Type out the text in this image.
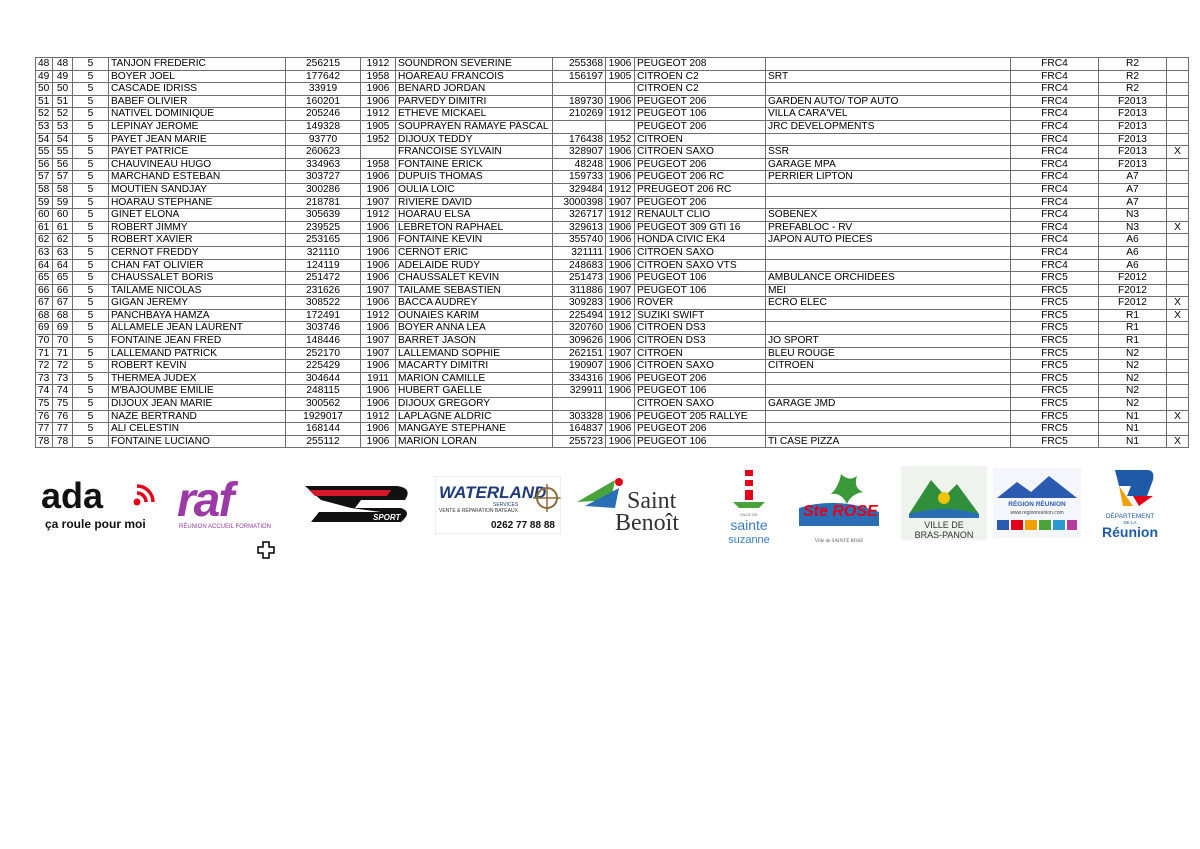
48	48	5	TANJON FREDERIC	256215	1912	SOUNDRON SEVERINE	255368	1906	PEUGEOT 208		FRC4	R2	
49	49	5	BOYER JOEL	177642	1958	HOAREAU FRANCOIS	156197	1905	CITROEN C2	SRT	FRC4	R2	
50	50	5	CASCADE IDRISS	33919	1906	BENARD JORDAN			CITROEN C2		FRC4	R2	
51	51	5	BABEF OLIVIER	160201	1906	PARVEDY DIMITRI	189730	1906	PEUGEOT 206	GARDEN AUTO/ TOP AUTO	FRC4	F2013	
52	52	5	NATIVEL DOMINIQUE	205246	1912	ETHEVE MICKAEL	210269	1912	PEUGEOT 106	VILLA CARA'VEL	FRC4	F2013	
53	53	5	LEPINAY JEROME	149328	1905	SOUPRAYEN RAMAYE PASCAL			PEUGEOT 206	JRC DEVELOPMENTS	FRC4	F2013	
54	54	5	PAYET JEAN MARIE	93770	1952	DIJOUX TEDDY	176438	1952	CITROEN		FRC4	F2013	
55	55	5	PAYET PATRICE	260623		FRANCOISE SYLVAIN	328907	1906	CITROEN SAXO	SSR	FRC4	F2013	X
56	56	5	CHAUVINEAU HUGO	334963	1958	FONTAINE ERICK	48248	1906	PEUGEOT 206	GARAGE MPA	FRC4	F2013	
57	57	5	MARCHAND ESTEBAN	303727	1906	DUPUIS THOMAS	159733	1906	PEUGEOT 206 RC	PERRIER LIPTON	FRC4	A7	
58	58	5	MOUTIEN SANDJAY	300286	1906	OULIA LOIC	329484	1912	PREUGEOT 206 RC		FRC4	A7	
59	59	5	HOARAU STEPHANE	218781	1907	RIVIERE DAVID	3000398	1907	PEUGEOT 206		FRC4	A7	
60	60	5	GINET ELONA	305639	1912	HOARAU ELSA	326717	1912	RENAULT CLIO	SOBENEX	FRC4	N3	
61	61	5	ROBERT JIMMY	239525	1906	LEBRETON RAPHAEL	329613	1906	PEUGEOT 309 GTI 16	PREFABLOC - RV	FRC4	N3	X
62	62	5	ROBERT XAVIER	253165	1906	FONTAINE KEVIN	355740	1906	HONDA CIVIC EK4	JAPON AUTO PIECES	FRC4	A6	
63	63	5	CERNOT FREDDY	321110	1906	CERNOT ERIC	321111	1906	CITROEN SAXO		FRC4	A6	
64	64	5	CHAN FAT OLIVIER	124119	1906	ADELAIDE RUDY	248683	1906	CITROEN SAXO VTS		FRC4	A6	
65	65	5	CHAUSSALET BORIS	251472	1906	CHAUSSALET KEVIN	251473	1906	PEUGEOT 106	AMBULANCE ORCHIDEES	FRC5	F2012	
66	66	5	TAILAME NICOLAS	231626	1907	TAILAME SEBASTIEN	311886	1907	PEUGEOT 106	MEI	FRC5	F2012	
67	67	5	GIGAN JEREMY	308522	1906	BACCA AUDREY	309283	1906	ROVER	ECRO ELEC	FRC5	F2012	X
68	68	5	PANCHBAYA HAMZA	172491	1912	OUNAIES KARIM	225494	1912	SUZIKI SWIFT		FRC5	R1	X
69	69	5	ALLAMELE JEAN LAURENT	303746	1906	BOYER ANNA LEA	320760	1906	CITROEN DS3		FRC5	R1	
70	70	5	FONTAINE JEAN FRED	148446	1907	BARRET JASON	309626	1906	CITROEN DS3	JO SPORT	FRC5	R1	
71	71	5	LALLEMAND PATRICK	252170	1907	LALLEMAND SOPHIE	262151	1907	CITROEN	BLEU ROUGE	FRC5	N2	
72	72	5	ROBERT KEVIN	225429	1906	MACARTY DIMITRI	190907	1906	CITROEN SAXO	CITROEN	FRC5	N2	
73	73	5	THERMEA JUDEX	304644	1911	MARION CAMILLE	334316	1906	PEUGEOT 206		FRC5	N2	
74	74	5	M'BAJOUMBE EMILIE	248115	1906	HUBERT GAELLE	329911	1906	PEUGEOT 106		FRC5	N2	
75	75	5	DIJOUX JEAN MARIE	300562	1906	DIJOUX GREGORY			CITROEN SAXO	GARAGE JMD	FRC5	N2	
76	76	5	NAZE BERTRAND	1929017	1912	LAPLAGNE ALDRIC	303328	1906	PEUGEOT 205 RALLYE		FRC5	N1	X
77	77	5	ALI CELESTIN	168144	1906	MANGAYE STEPHANE	164837	1906	PEUGEOT 206		FRC5	N1	
78	78	5	FONTAINE LUCIANO	255112	1906	MARION LORAN	255723	1906	PEUGEOT 106	TI CASE PIZZA	FRC5	N1	X
ada
ça roule pour moi raf
RÉUNION ACCUEIL FORMATION
SPORT
WATERLAND
SERVICES
VENTE & RÉPARATION BATEAUX
0262 77 88 88
Saint
Benoît	VILLE DE
sainte
suzanne
Ste ROSE
Ville de SAINTE ROSE
VILLE DE
BRAS-PANON
RÉGION RÉUNION
www.regionreunion.com	DÉPARTEMENT
DE LA
Réunion
